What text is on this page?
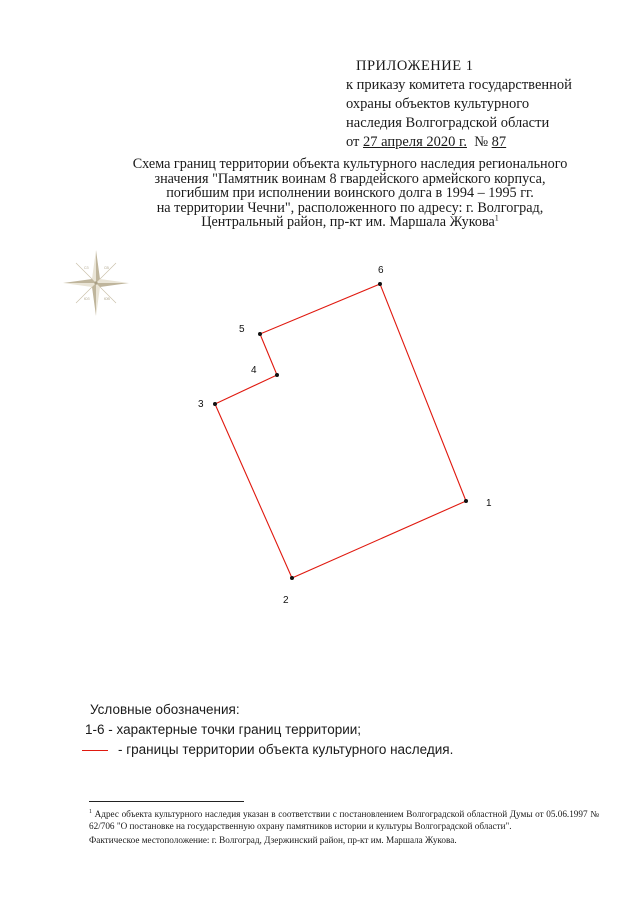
ПРИЛОЖЕНИЕ 1
к приказу комитета государственной
охраны объектов культурного
наследия Волгоградской области
от 27 апреля 2020 г. № 87
Схема границ территории объекта культурного наследия регионального
значения "Памятник воинам 8 гвардейского армейского корпуса,
погибшим при исполнении воинского долга в 1994 – 1995 гг.
на территории Чечни", расположенного по адресу: г. Волгоград,
Центральный район, пр-кт им. Маршала Жукова$^1$
СЗ	СВ
ЮЗ	ЮВ
1
2
3
4
5
6
Условные обозначения:
1-6
- характерные точки границ территории;
- границы территории объекта культурного наследия.
$^1$ Адрес объекта культурного наследия указан в соответствии с постановлением Волгоградской областной Думы от 05.06.1997 № 62/706 "О постановке на государственную охрану памятников истории и культуры Волгоградской области".
Фактическое местоположение: г. Волгоград, Дзержинский район, пр-кт им. Маршала Жукова.
